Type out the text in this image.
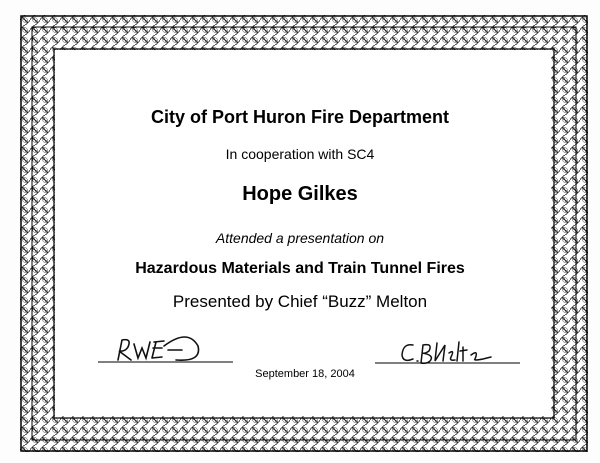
City of Port Huron Fire Department
In cooperation with SC4
Hope Gilkes
Attended a presentation on
Hazardous Materials and Train Tunnel Fires
Presented by Chief “Buzz” Melton
September 18, 2004
